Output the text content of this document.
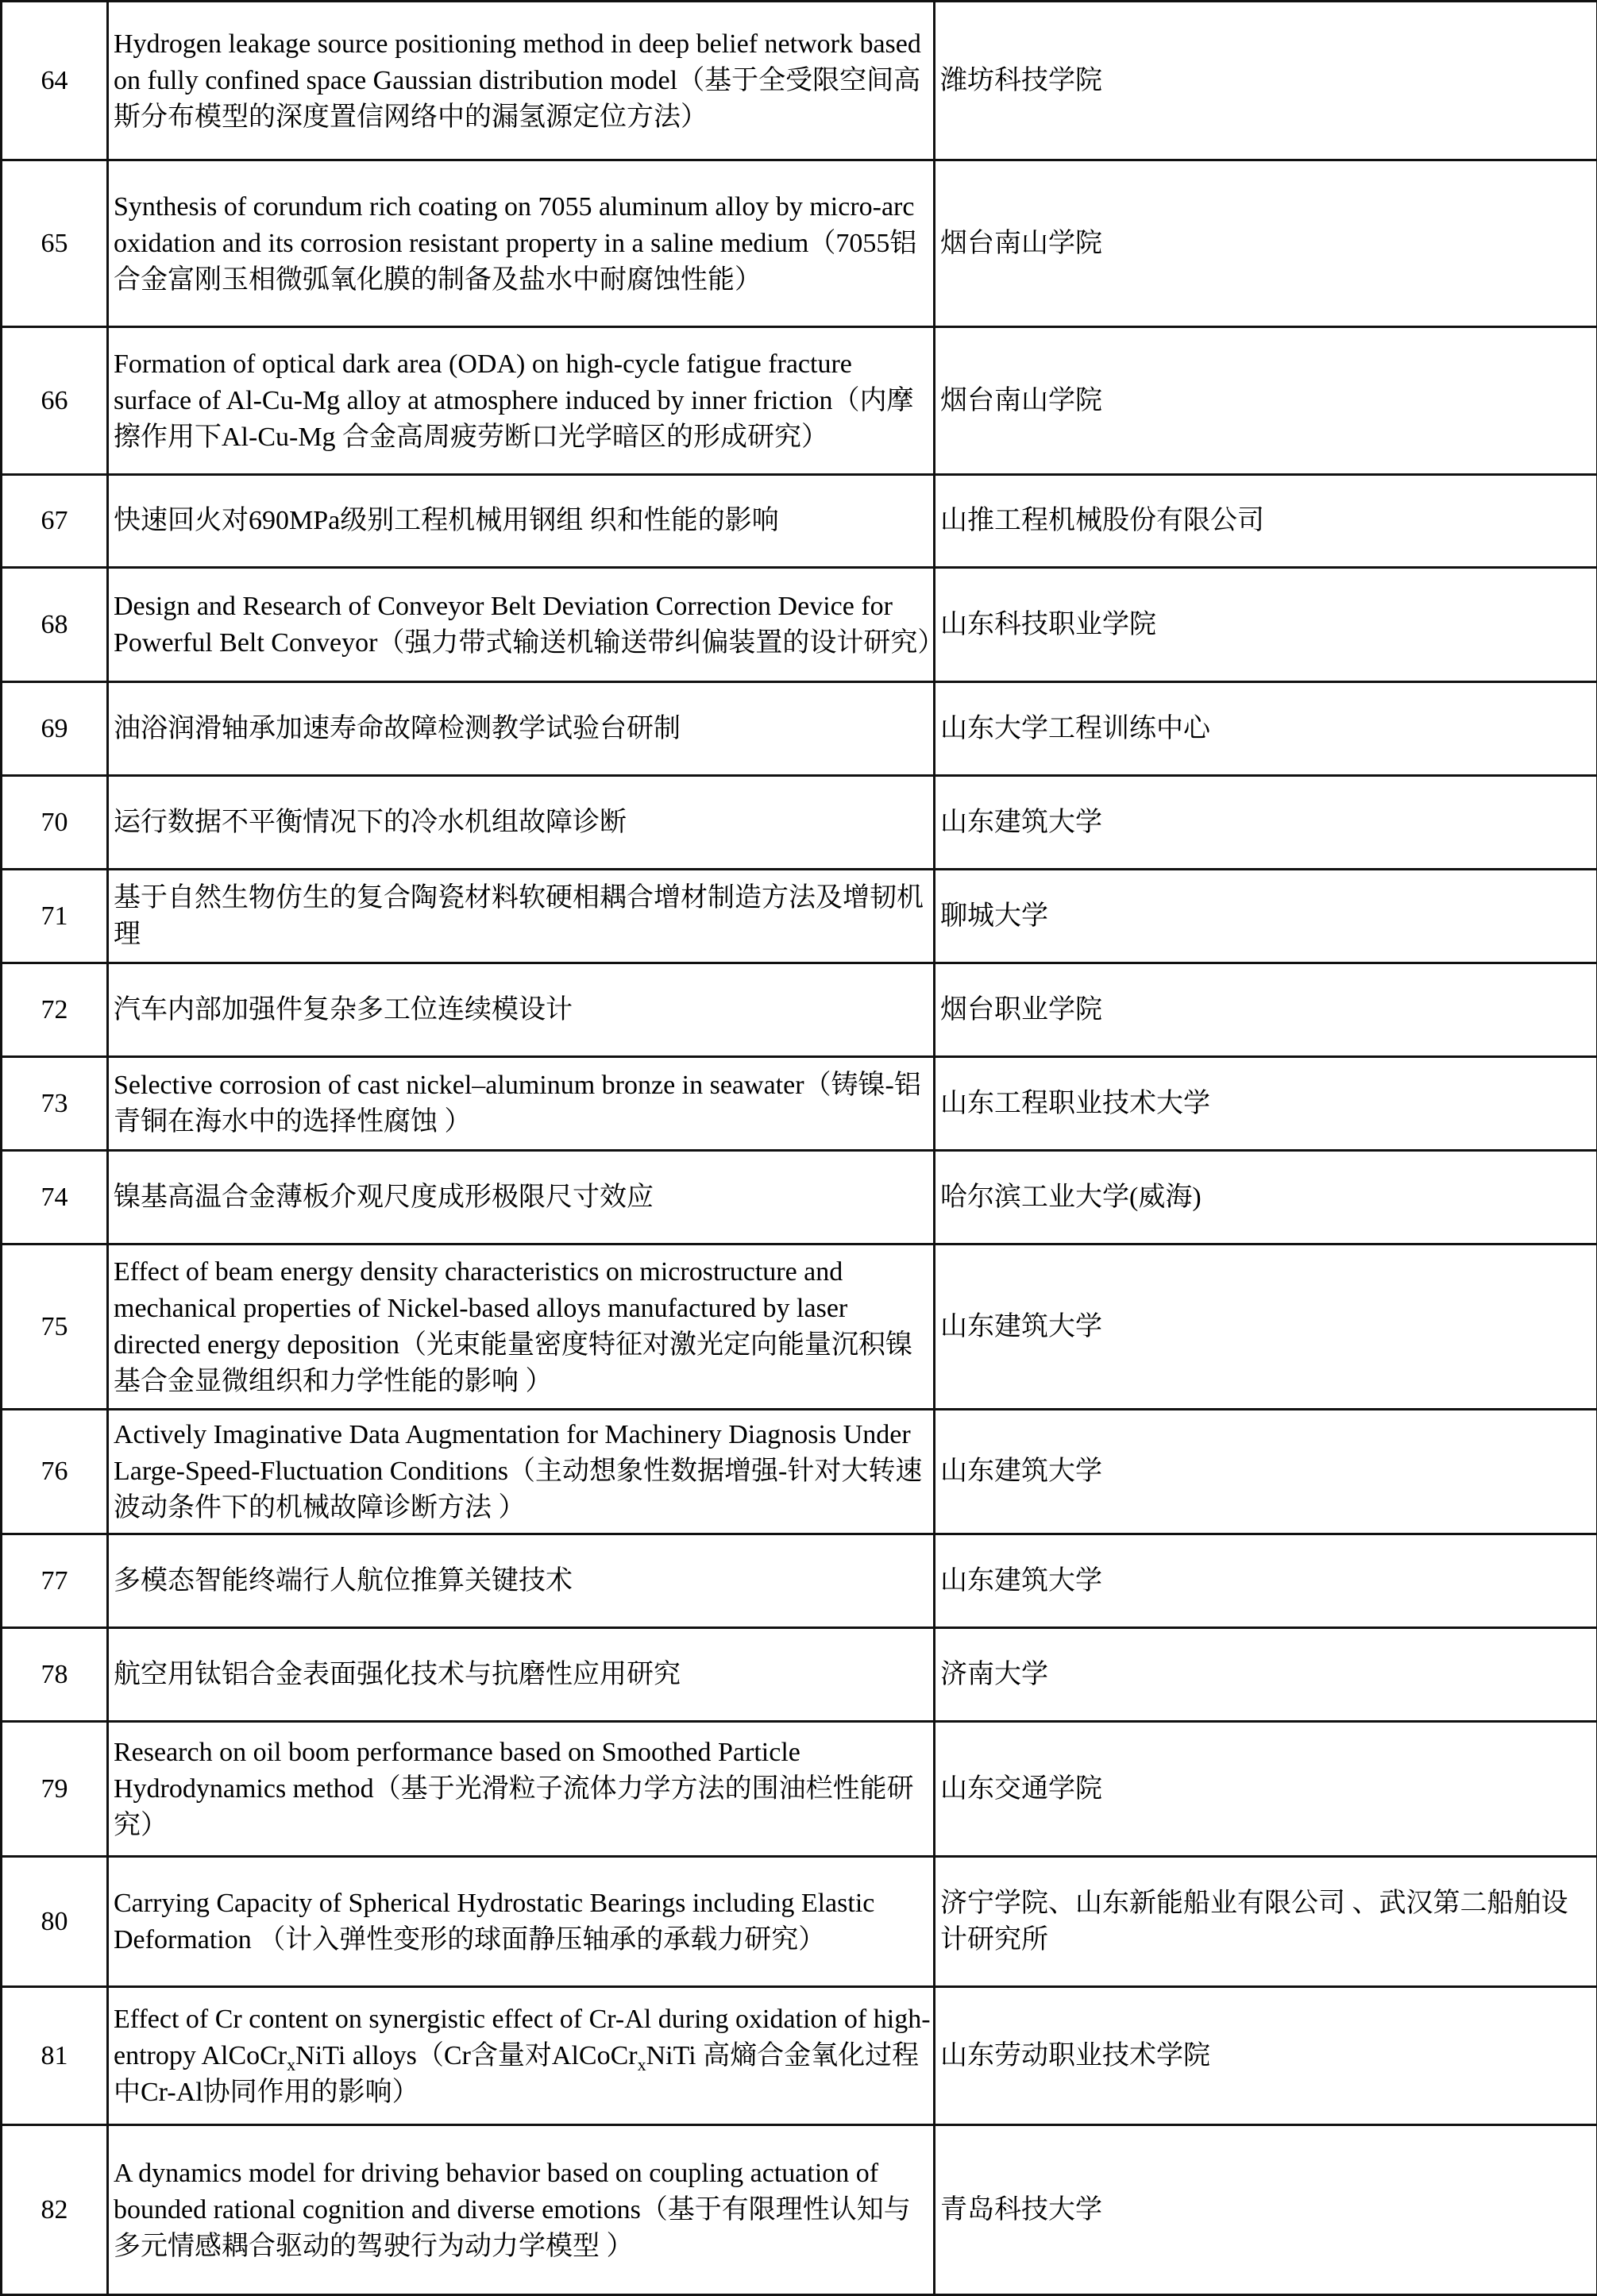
64	Hydrogen leakage source positioning method in deep belief network based on fully confined space Gaussian distribution model（基于全受限空间高斯分布模型的深度置信网络中的漏氢源定位方法）	潍坊科技学院
65	Synthesis of corundum rich coating on 7055 aluminum alloy by micro-arc oxidation and its corrosion resistant property in a saline medium（7055铝合金富刚玉相微弧氧化膜的制备及盐水中耐腐蚀性能）	烟台南山学院
66	Formation of optical dark area (ODA) on high-cycle fatigue fracture surface of Al-Cu-Mg alloy at atmosphere induced by inner friction（内摩擦作用下Al-Cu-Mg 合金高周疲劳断口光学暗区的形成研究）	烟台南山学院
67	快速回火对690MPa级别工程机械用钢组 织和性能的影响	山推工程机械股份有限公司
68	Design and Research of Conveyor Belt Deviation Correction Device for Powerful Belt Conveyor（强力带式输送机输送带纠偏装置的设计研究）	山东科技职业学院
69	油浴润滑轴承加速寿命故障检测教学试验台研制	山东大学工程训练中心
70	运行数据不平衡情况下的冷水机组故障诊断	山东建筑大学
71	基于自然生物仿生的复合陶瓷材料软硬相耦合增材制造方法及增韧机理	聊城大学
72	汽车内部加强件复杂多工位连续模设计	烟台职业学院
73	Selective corrosion of cast nickel–aluminum bronze in seawater（铸镍-铝青铜在海水中的选择性腐蚀 ）	山东工程职业技术大学
74	镍基高温合金薄板介观尺度成形极限尺寸效应	哈尔滨工业大学(威海)
75	Effect of beam energy density characteristics on microstructure and mechanical properties of Nickel-based alloys manufactured by laser directed energy deposition（光束能量密度特征对激光定向能量沉积镍基合金显微组织和力学性能的影响 ）	山东建筑大学
76	Actively Imaginative Data Augmentation for Machinery Diagnosis Under Large-Speed-Fluctuation Conditions（主动想象性数据增强-针对大转速波动条件下的机械故障诊断方法 ）	山东建筑大学
77	多模态智能终端行人航位推算关键技术	山东建筑大学
78	航空用钛铝合金表面强化技术与抗磨性应用研究	济南大学
79	Research on oil boom performance based on Smoothed Particle Hydrodynamics method（基于光滑粒子流体力学方法的围油栏性能研究）	山东交通学院
80	Carrying Capacity of Spherical Hydrostatic Bearings including Elastic Deformation （计入弹性变形的球面静压轴承的承载力研究）	济宁学院、山东新能船业有限公司 、武汉第二船舶设计研究所
81	Effect of Cr content on synergistic effect of Cr-Al during oxidation of high-entropy AlCoCr$_x$NiTi alloys（Cr含量对AlCoCr$_x$NiTi 高熵合金氧化过程中Cr-Al协同作用的影响）	山东劳动职业技术学院
82	A dynamics model for driving behavior based on coupling actuation of bounded rational cognition and diverse emotions（基于有限理性认知与多元情感耦合驱动的驾驶行为动力学模型 ）	青岛科技大学
